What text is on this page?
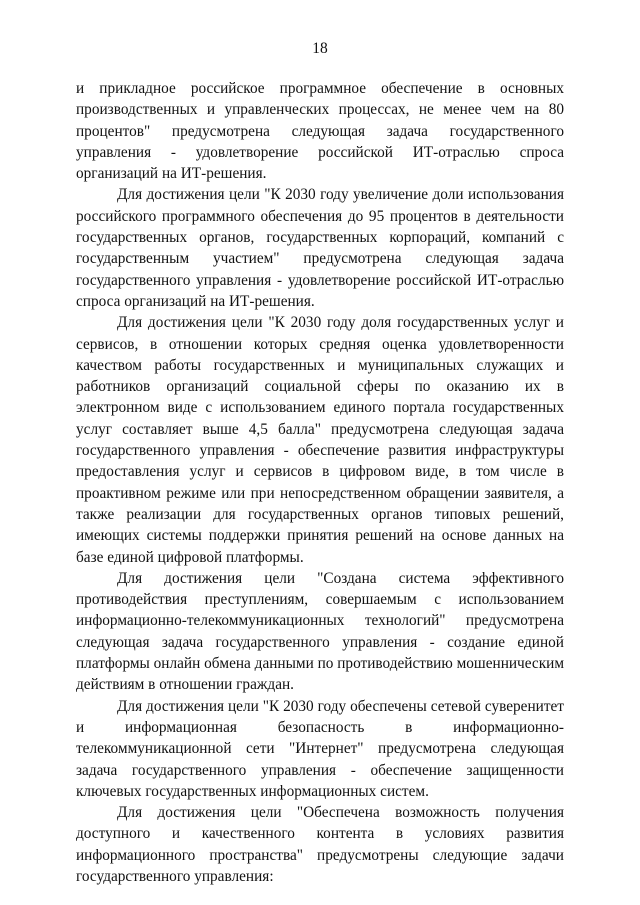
18

и прикладное российское программное обеспечение в основных производственных и управленческих процессах, не менее чем на 80 процентов" предусмотрена следующая задача государственного управления - удовлетворение российской ИТ-отраслью спроса организаций на ИТ-решения.

Для достижения цели "К 2030 году увеличение доли использования российского программного обеспечения до 95 процентов в деятельности государственных органов, государственных корпораций, компаний с государственным участием" предусмотрена следующая задача государственного управления - удовлетворение российской ИТ-отраслью спроса организаций на ИТ-решения.

Для достижения цели "К 2030 году доля государственных услуг и сервисов, в отношении которых средняя оценка удовлетворенности качеством работы государственных и муниципальных служащих и работников организаций социальной сферы по оказанию их в электронном виде с использованием единого портала государственных услуг составляет выше 4,5 балла" предусмотрена следующая задача государственного управления - обеспечение развития инфраструктуры предоставления услуг и сервисов в цифровом виде, в том числе в проактивном режиме или при непосредственном обращении заявителя, а также реализации для государственных органов типовых решений, имеющих системы поддержки принятия решений на основе данных на базе единой цифровой платформы.

Для достижения цели "Создана система эффективного противодействия преступлениям, совершаемым с использованием информационно-телекоммуникационных технологий" предусмотрена следующая задача государственного управления - создание единой платформы онлайн обмена данными по противодействию мошенническим действиям в отношении граждан.

Для достижения цели "К 2030 году обеспечены сетевой суверенитет и информационная безопасность в информационно-телекоммуникационной сети "Интернет" предусмотрена следующая задача государственного управления - обеспечение защищенности ключевых государственных информационных систем.

Для достижения цели "Обеспечена возможность получения доступного и качественного контента в условиях развития информационного пространства" предусмотрены следующие задачи государственного управления:
